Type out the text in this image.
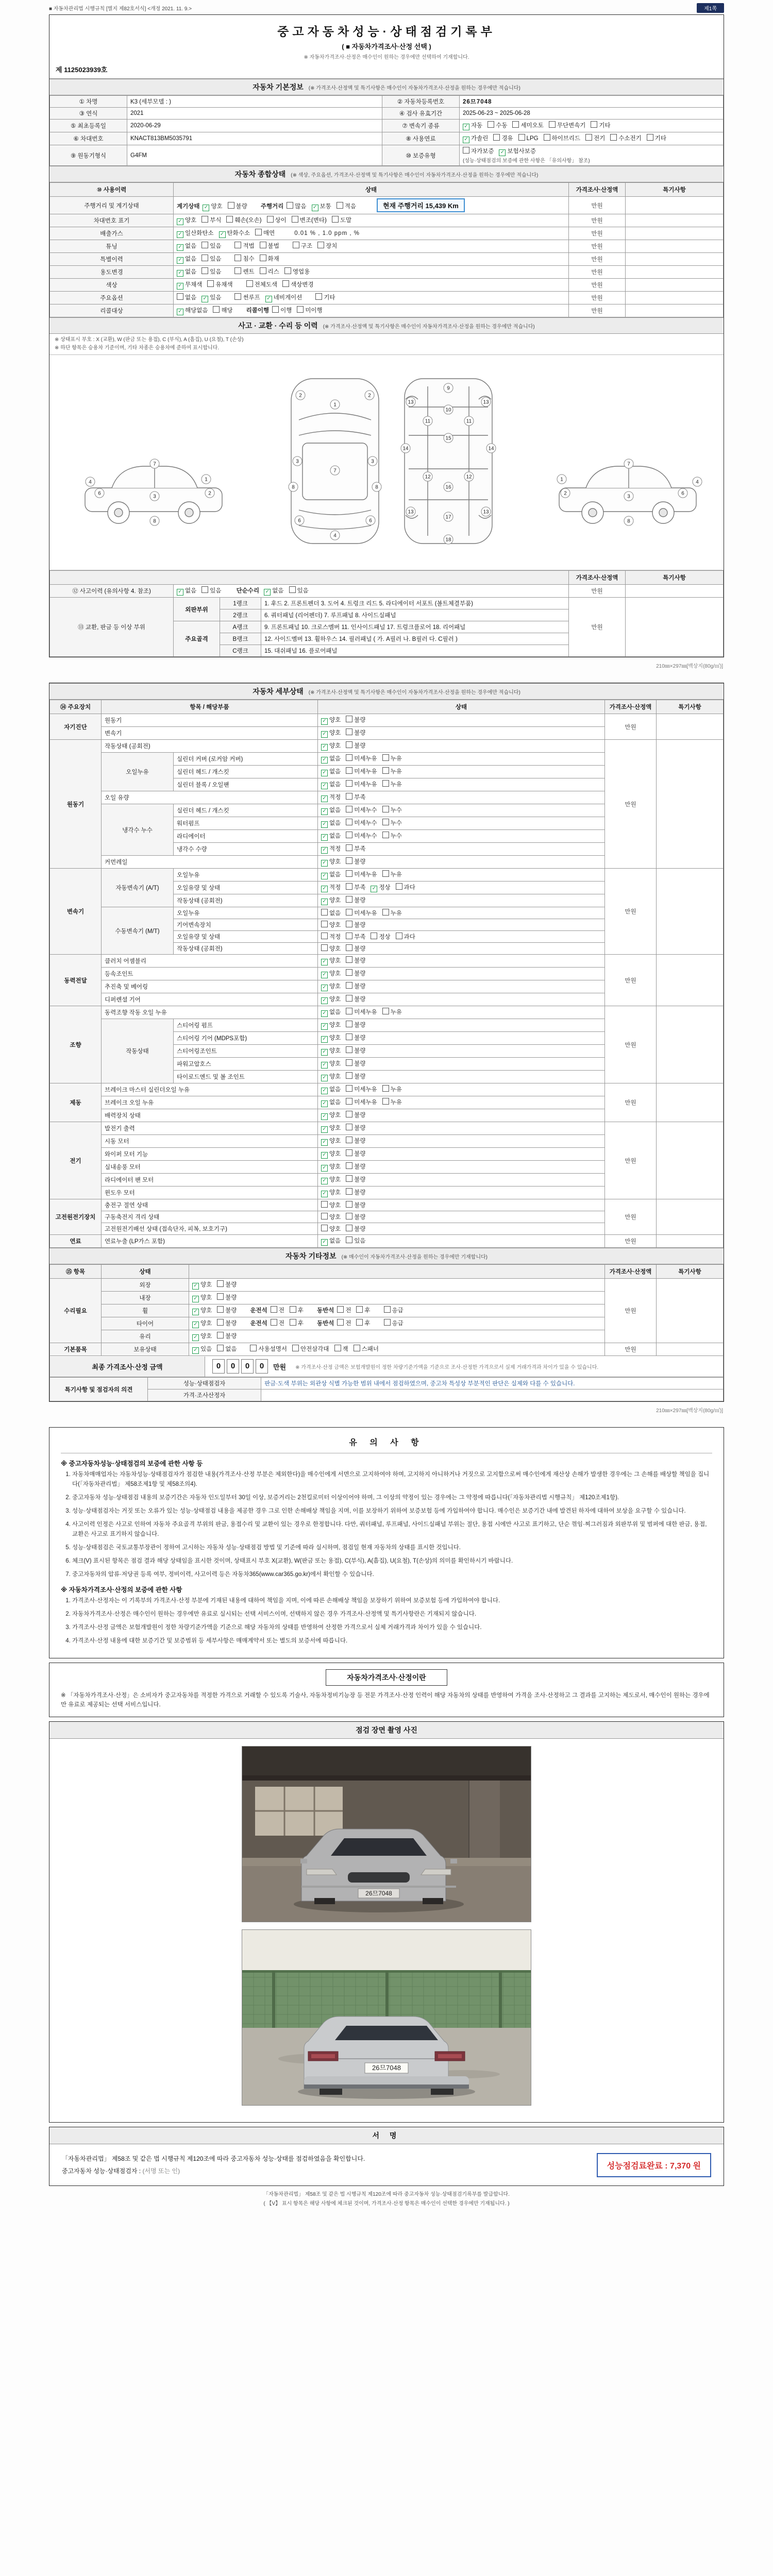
■ 자동차관리법 시행규칙 [별지 제82호서식] <개정 2021. 11. 9.>	제1쪽
중고자동차성능·상태점검기록부
( ■ 자동차가격조사·산정 선택 )
※ 자동차가격조사·산정은 매수인이 원하는 경우에만 선택하여 기재합니다.
제 1125023939호
자동차 기본정보 (※ 가격조사·산정액 및 특기사항은 매수인이 자동차가격조사·산정을 원하는 경우에만 적습니다)
① 차명	K3 (세부모델 : )	② 자동차등록번호	26므7048
③ 연식	2021	④ 검사 유효기간	2025-06-23 ~ 2025-06-28
⑤ 최초등록일	2020-06-29	⑦ 변속기 종류	✓ 자동 수동 세미오토 무단변속기 기타
⑥ 차대번호	KNACT813BM5035791	⑧ 사용연료	✓ 가솔린 경유 LPG 하이브리드 전기 수소전기 기타
⑨ 원동기형식	G4FM	⑩ 보증유형	자가보증 ✓ 보험사보증
(성능·상태점검의 보증에 관한 사항은 「유의사항」 참조)
자동차 종합상태 (※ 색상, 주요옵션, 가격조사·산정액 및 특기사항은 매수인이 자동차가격조사·산정을 원하는 경우에만 적습니다)
⑩ 사용이력	상태	가격조사·산정액	특기사항
주행거리 및 계기상태	계기상태 ✓ 양호 불량 주행거리 많음 ✓ 보통 적음 현재 주행거리 15,439 Km	만원	
차대번호 표기	✓ 양호 부식 훼손(오손) 상이 변조(변타) 도말	만원	
배출가스	✓ 일산화탄소 ✓ 탄화수소 매연 0.01 % , 1.0 ppm , %	만원	
튜닝	✓ 없음 있음 적법 불법 구조 장치	만원	
특별이력	✓ 없음 있음 침수 화재	만원	
용도변경	✓ 없음 있음 렌트 리스 영업용	만원	
색상	✓ 무채색 유채색 전체도색 색상변경	만원	
주요옵션	없음 ✓ 있음 썬루프 ✓ 네비게이션 기타	만원	
리콜대상	✓ 해당없음 해당 리콜이행 이행 미이행	만원	
사고 · 교환 · 수리 등 이력 (※ 가격조사·산정액 및 특기사항은 매수인이 자동차가격조사·산정을 원하는 경우에만 적습니다)
※ 상태표시 부호 : X (교환), W (판금 또는 용접), C (부식), A (흠집), U (요철), T (손상)
※ 하단 항목은 승용차 기준이며, 기타 차종은 승용차에 준하여 표시합니다.
1
2
3
4
6
7
8
1
2	2
3	3
4
6	6
7
8	8
9
10
11	11
12	12
13	13
13	13
14	14
15
16
17
18
1
2
3
4
6
7
8
				가격조사·산정액	특기사항
⑫ 사고이력 (유의사항 4. 참조)	✓ 없음 있음 단순수리 ✓ 없음 있음			만원	
⑬ 교환, 판금 등 이상 부위	외판부위	1랭크	1. 후드 2. 프론트펜더 3. 도어 4. 트렁크 리드 5. 라디에이터 서포트 (볼트체결부품)	만원	
		2랭크	6. 쿼터패널 (리어펜더) 7. 루프패널 8. 사이드실패널		
	주요골격	A랭크	9. 프론트패널 10. 크로스멤버 11. 인사이드패널 17. 트렁크플로어 18. 리어패널		
		B랭크	12. 사이드멤버 13. 휠하우스 14. 필러패널 ( 가. A필러 나. B필러 다. C필러 )		
		C랭크	15. 대쉬패널 16. 플로어패널		
210㎜×297㎜[백상지(80g/㎡)]
자동차 세부상태 (※ 가격조사·산정액 및 특기사항은 매수인이 자동차가격조사·산정을 원하는 경우에만 적습니다)
⑭ 주요장치	항목 / 해당부품		상태	가격조사·산정액	특기사항
자기진단	원동기		✓ 양호 불량	만원	
	변속기		✓ 양호 불량		
원동기	작동상태 (공회전)		✓ 양호 불량	만원	
	오일누유	실린더 커버 (로커암 커버)	✓ 없음 미세누유 누유		
		실린더 헤드 / 개스킷	✓ 없음 미세누유 누유		
		실린더 블록 / 오일팬	✓ 없음 미세누유 누유		
	오일 유량		✓ 적정 부족		
	냉각수 누수	실린더 헤드 / 개스킷	✓ 없음 미세누수 누수		
		워터펌프	✓ 없음 미세누수 누수		
		라디에이터	✓ 없음 미세누수 누수		
		냉각수 수량	✓ 적정 부족		
	커먼레일		✓ 양호 불량		
변속기	자동변속기 (A/T)	오일누유	✓ 없음 미세누유 누유	만원	
		오일유량 및 상태	✓ 적정 부족 ✓ 정상 과다		
		작동상태 (공회전)	✓ 양호 불량		
	수동변속기 (M/T)	오일누유	없음 미세누유 누유		
		기어변속장치	양호 불량		
		오일유량 및 상태	적정 부족 정상 과다		
		작동상태 (공회전)	양호 불량		
동력전달	클러치 어셈블리		✓ 양호 불량	만원	
	등속조인트		✓ 양호 불량		
	추진축 및 베어링		✓ 양호 불량		
	디퍼렌셜 기어		✓ 양호 불량		
조향	동력조향 작동 오일 누유		✓ 없음 미세누유 누유	만원	
	작동상태	스티어링 펌프	✓ 양호 불량		
		스티어링 기어 (MDPS포함)	✓ 양호 불량		
		스티어링조인트	✓ 양호 불량		
		파워고압호스	✓ 양호 불량		
		타이로드엔드 및 볼 조인트	✓ 양호 불량		
제동	브레이크 마스터 실린더오일 누유		✓ 없음 미세누유 누유	만원	
	브레이크 오일 누유		✓ 없음 미세누유 누유		
	배력장치 상태		✓ 양호 불량		
전기	발전기 출력		✓ 양호 불량	만원	
	시동 모터		✓ 양호 불량		
	와이퍼 모터 기능		✓ 양호 불량		
	실내송풍 모터		✓ 양호 불량		
	라디에이터 팬 모터		✓ 양호 불량		
	윈도우 모터		✓ 양호 불량		
고전원전기장치	충전구 절연 상태		양호 불량	만원	
	구동축전지 격리 상태		양호 불량		
	고전원전기배선 상태 (접속단자, 피복, 보호기구)		양호 불량		
연료	연료누출 (LP가스 포함)		✓ 없음 있음	만원	
자동차 기타정보 (※ 매수인이 자동차가격조사·산정을 원하는 경우에만 기재합니다)
⑮ 항목	상태		가격조사·산정액	특기사항
수리필요	외장	✓ 양호 불량	만원	
	내장	✓ 양호 불량		
	휠	✓ 양호 불량 운전석 전 후 동반석 전 후 응급		
	타이어	✓ 양호 불량 운전석 전 후 동반석 전 후 응급		
	유리	✓ 양호 불량		
기본품목	보유상태	✓ 있음 없음 사용설명서 안전삼각대 잭 스패너	만원	
최종 가격조사·산정 금액	0 0 0 0	만원 ※ 가격조사·산정 금액은 보험개발원이 정한 차량기준가액을 기준으로 조사·산정한 가격으로서 실제 거래가격과 차이가 있을 수 있습니다.
특기사항 및 점검자의 의견	성능·상태점검자	판금·도색 부위는 외관상 식별 가능한 범위 내에서 점검하였으며, 중고차 특성상 부분적인 판단은 실제와 다를 수 있습니다.
	가격·조사산정자	
210㎜×297㎜[백상지(80g/㎡)]
유 의 사 항
※ 중고자동차성능·상태점검의 보증에 관한 사항 등
1. 자동차매매업자는 자동차성능·상태점검자가 점검한 내용(가격조사·산정 부분은 제외한다)을 매수인에게 서면으로 고지하여야 하며, 고지하지 아니하거나 거짓으로 고지함으로써 매수인에게 재산상 손해가 발생한 경우에는 그 손해를 배상할 책임을 집니다(「자동차관리법」 제58조제1항 및 제58조의4).
2. 중고자동차 성능·상태점검 내용의 보증기간은 자동차 인도일부터 30일 이상, 보증거리는 2천킬로미터 이상이어야 하며, 그 이상의 약정이 있는 경우에는 그 약정에 따릅니다(「자동차관리법 시행규칙」 제120조제1항).
3. 성능·상태점검자는 거짓 또는 오류가 있는 성능·상태점검 내용을 제공한 경우 그로 인한 손해배상 책임을 지며, 이를 보장하기 위하여 보증보험 등에 가입하여야 합니다. 매수인은 보증기간 내에 발견된 하자에 대하여 보상을 요구할 수 있습니다.
4. 사고이력 인정은 사고로 인하여 자동차 주요골격 부위의 판금, 용접수리 및 교환이 있는 경우로 한정합니다. 다만, 쿼터패널, 루프패널, 사이드실패널 부위는 절단, 용접 시에만 사고로 표기하고, 단순 꺾임·찌그러짐과 외판부위 및 범퍼에 대한 판금, 용접, 교환은 사고로 표기하지 않습니다.
5. 성능·상태점검은 국토교통부장관이 정하여 고시하는 자동차 성능·상태점검 방법 및 기준에 따라 실시하며, 점검일 현재 자동차의 상태를 표시한 것입니다.
6. 체크(V) 표시된 항목은 점검 결과 해당 상태임을 표시한 것이며, 상태표시 부호 X(교환), W(판금 또는 용접), C(부식), A(흠집), U(요철), T(손상)의 의미를 확인하시기 바랍니다.
7. 중고자동차의 압류·저당권 등록 여부, 정비이력, 사고이력 등은 자동차365(www.car365.go.kr)에서 확인할 수 있습니다.
※ 자동차가격조사·산정의 보증에 관한 사항
1. 가격조사·산정자는 이 기록부의 가격조사·산정 부분에 기재된 내용에 대하여 책임을 지며, 이에 따른 손해배상 책임을 보장하기 위하여 보증보험 등에 가입하여야 합니다.
2. 자동차가격조사·산정은 매수인이 원하는 경우에만 유료로 실시되는 선택 서비스이며, 선택하지 않은 경우 가격조사·산정액 및 특기사항란은 기재되지 않습니다.
3. 가격조사·산정 금액은 보험개발원이 정한 차량기준가액을 기준으로 해당 자동차의 상태를 반영하여 산정한 가격으로서 실제 거래가격과 차이가 있을 수 있습니다.
4. 가격조사·산정 내용에 대한 보증기간 및 보증범위 등 세부사항은 매매계약서 또는 별도의 보증서에 따릅니다.
자동차가격조사·산정이란
※ 「자동차가격조사·산정」은 소비자가 중고자동차를 적정한 가격으로 거래할 수 있도록 기술사, 자동차정비기능장 등 전문 가격조사·산정 인력이 해당 자동차의 상태를 반영하여 가격을 조사·산정하고 그 결과를 고지하는 제도로서, 매수인이 원하는 경우에만 유료로 제공되는 선택 서비스입니다.
점검 장면 촬영 사진
26므7048
26므7048
서 명
「자동차관리법」 제58조 및 같은 법 시행규칙 제120조에 따라 중고자동차 성능·상태를 점검하였음을 확인합니다.
중고자동차 성능·상태점검자 : (서명 또는 인)
성능점검료완료 : 7,370 원
「자동차관리법」 제58조 및 같은 법 시행규칙 제120조에 따라 중고자동차 성능·상태점검기록부를 발급합니다.
( 【V】 표시 항목은 해당 사항에 체크된 것이며, 가격조사·산정 항목은 매수인이 선택한 경우에만 기재됩니다. )
